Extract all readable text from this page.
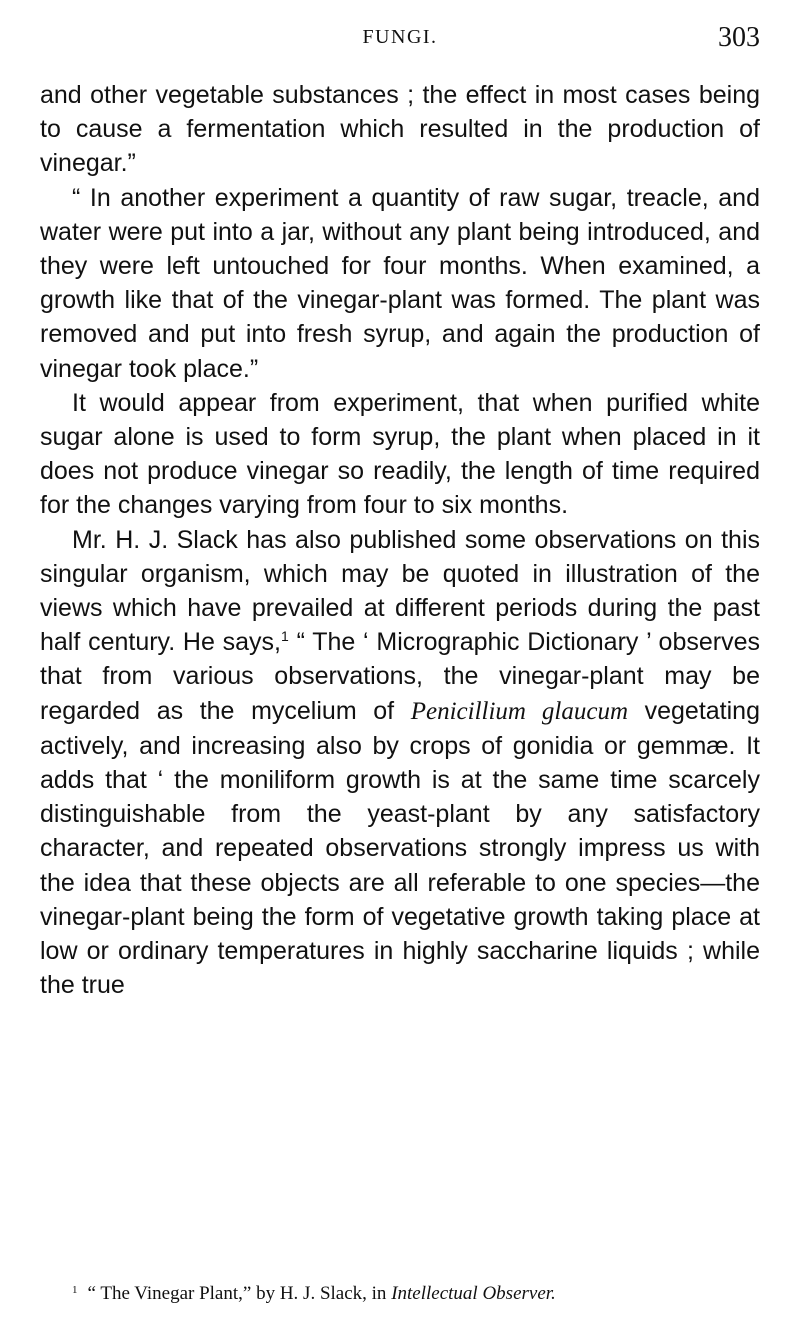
FUNGI.	303

and other vegetable substances ; the effect in most cases being to cause a fermentation which resulted in the production of vinegar.”

“ In another experiment a quantity of raw sugar, treacle, and water were put into a jar, without any plant being introduced, and they were left untouched for four months. When examined, a growth like that of the vinegar-plant was formed. The plant was removed and put into fresh syrup, and again the production of vinegar took place.”

It would appear from experiment, that when purified white sugar alone is used to form syrup, the plant when placed in it does not produce vinegar so readily, the length of time required for the changes varying from four to six months.

Mr. H. J. Slack has also published some observations on this singular organism, which may be quoted in illustration of the views which have prevailed at different periods during the past half century. He says,$^1$ “ The ‘ Micrographic Dictionary ’ observes that from various observations, the vinegar-plant may be regarded as the mycelium of Penicillium glaucum vegetating actively, and increasing also by crops of gonidia or gemmæ. It adds that ‘ the moniliform growth is at the same time scarcely distinguishable from the yeast-plant by any satisfactory character, and repeated observations strongly impress us with the idea that these objects are all referable to one species—the vinegar-plant being the form of vegetative growth taking place at low or ordinary temperatures in highly saccharine liquids ; while the true

$^1$ “ The Vinegar Plant,” by H. J. Slack, in Intellectual Observer.
